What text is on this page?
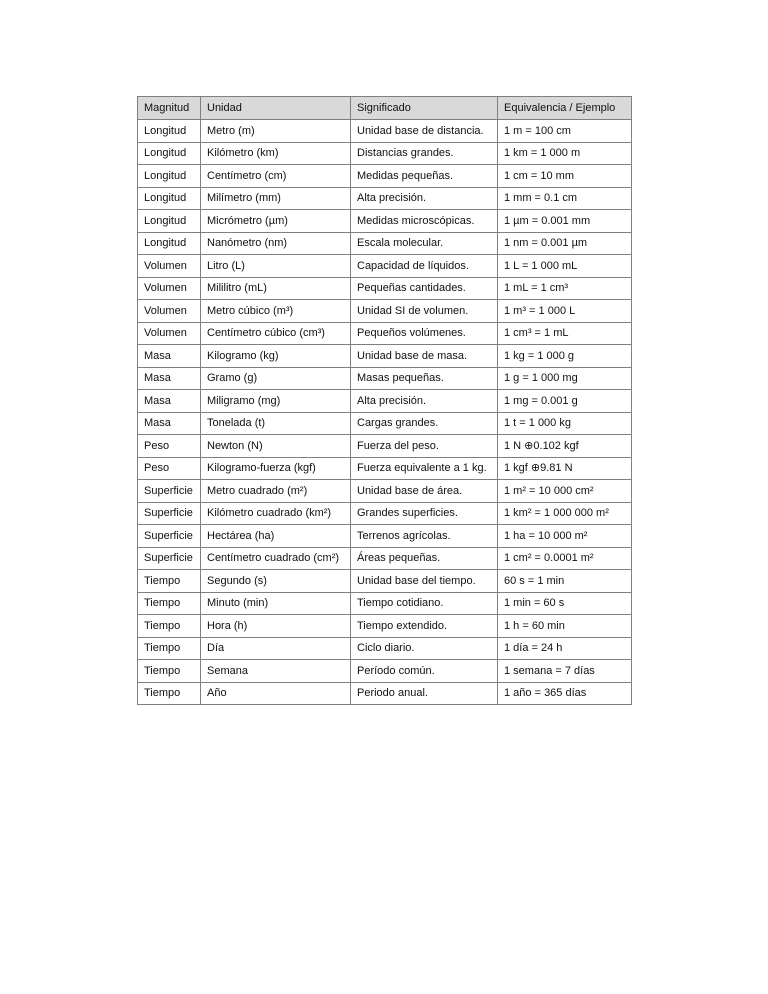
Magnitud	Unidad	Significado	Equivalencia / Ejemplo
Longitud	Metro (m)	Unidad base de distancia.	1 m = 100 cm
Longitud	Kilómetro (km)	Distancias grandes.	1 km = 1 000 m
Longitud	Centímetro (cm)	Medidas pequeñas.	1 cm = 10 mm
Longitud	Milímetro (mm)	Alta precisión.	1 mm = 0.1 cm
Longitud	Micrómetro (µm)	Medidas microscópicas.	1 µm = 0.001 mm
Longitud	Nanómetro (nm)	Escala molecular.	1 nm = 0.001 µm
Volumen	Litro (L)	Capacidad de líquidos.	1 L = 1 000 mL
Volumen	Mililitro (mL)	Pequeñas cantidades.	1 mL = 1 cm³
Volumen	Metro cúbico (m³)	Unidad SI de volumen.	1 m³ = 1 000 L
Volumen	Centímetro cúbico (cm³)	Pequeños volúmenes.	1 cm³ = 1 mL
Masa	Kilogramo (kg)	Unidad base de masa.	1 kg = 1 000 g
Masa	Gramo (g)	Masas pequeñas.	1 g = 1 000 mg
Masa	Miligramo (mg)	Alta precisión.	1 mg = 0.001 g
Masa	Tonelada (t)	Cargas grandes.	1 t = 1 000 kg
Peso	Newton (N)	Fuerza del peso.	1 N ⊕0.102 kgf
Peso	Kilogramo-fuerza (kgf)	Fuerza equivalente a 1 kg.	1 kgf ⊕9.81 N
Superficie	Metro cuadrado (m²)	Unidad base de área.	1 m² = 10 000 cm²
Superficie	Kilómetro cuadrado (km²)	Grandes superficies.	1 km² = 1 000 000 m²
Superficie	Hectárea (ha)	Terrenos agrícolas.	1 ha = 10 000 m²
Superficie	Centímetro cuadrado (cm²)	Áreas pequeñas.	1 cm² = 0.0001 m²
Tiempo	Segundo (s)	Unidad base del tiempo.	60 s = 1 min
Tiempo	Minuto (min)	Tiempo cotidiano.	1 min = 60 s
Tiempo	Hora (h)	Tiempo extendido.	1 h = 60 min
Tiempo	Día	Ciclo diario.	1 día = 24 h
Tiempo	Semana	Período común.	1 semana = 7 días
Tiempo	Año	Periodo anual.	1 año = 365 días
